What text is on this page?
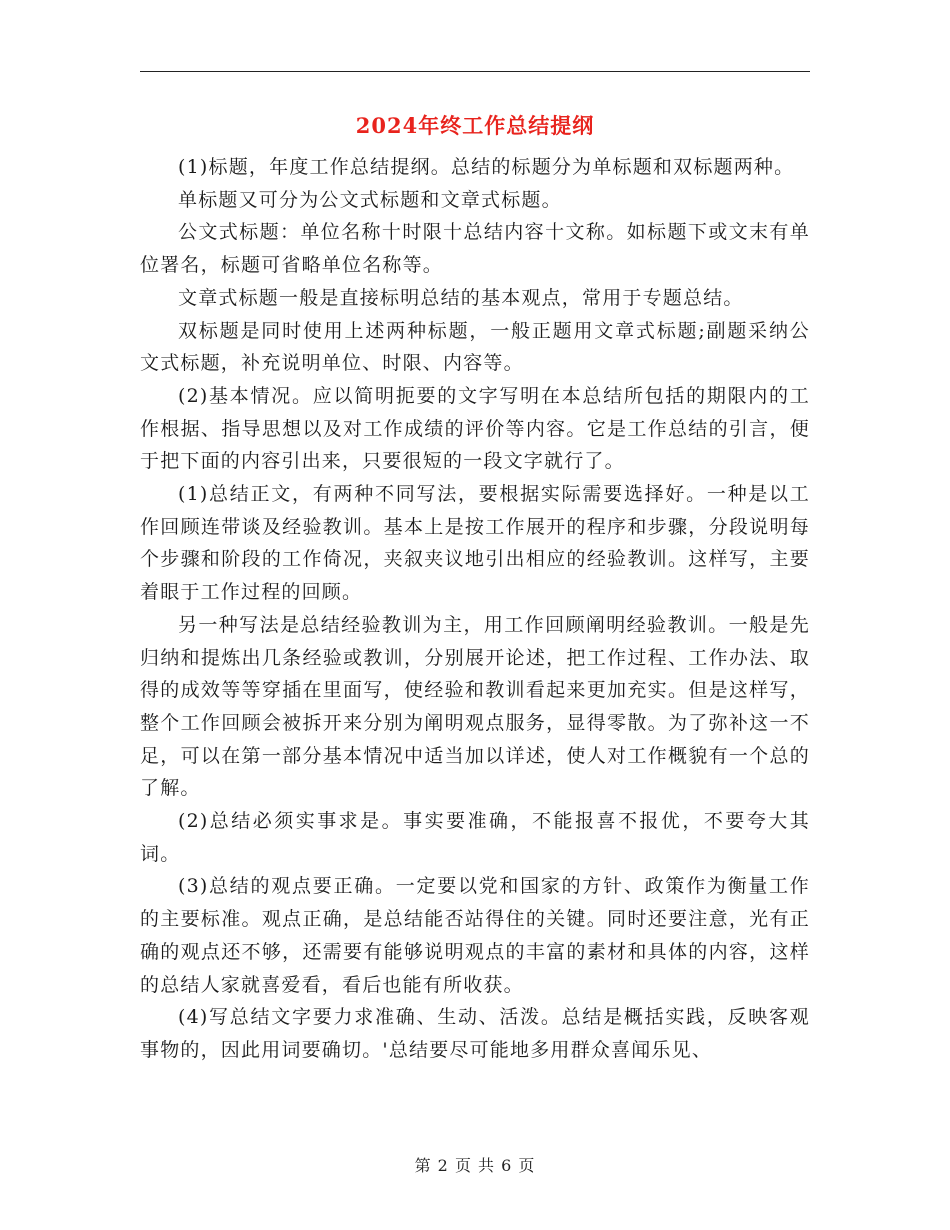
2024年终工作总结提纲

(1)标题，年度工作总结提纲。总结的标题分为单标题和双标题两种。

单标题又可分为公文式标题和文章式标题。

公文式标题：单位名称十时限十总结内容十文称。如标题下或文末有单位署名，标题可省略单位名称等。

文章式标题一般是直接标明总结的基本观点，常用于专题总结。

双标题是同时使用上述两种标题，一般正题用文章式标题;副题采纳公文式标题，补充说明单位、时限、内容等。

(2)基本情况。应以简明扼要的文字写明在本总结所包括的期限内的工作根据、指导思想以及对工作成绩的评价等内容。它是工作总结的引言，便于把下面的内容引出来，只要很短的一段文字就行了。

(1)总结正文，有两种不同写法，要根据实际需要选择好。一种是以工作回顾连带谈及经验教训。基本上是按工作展开的程序和步骤，分段说明每个步骤和阶段的工作倚况，夹叙夹议地引出相应的经验教训。这样写，主要着眼于工作过程的回顾。

另一种写法是总结经验教训为主，用工作回顾阐明经验教训。一般是先归纳和提炼出几条经验或教训，分别展开论述，把工作过程、工作办法、取得的成效等等穿插在里面写，使经验和教训看起来更加充实。但是这样写，整个工作回顾会被拆开来分别为阐明观点服务，显得零散。为了弥补这一不足，可以在第一部分基本情况中适当加以详述，使人对工作概貌有一个总的了解。

(2)总结必须实事求是。事实要准确，不能报喜不报优，不要夸大其词。

(3)总结的观点要正确。一定要以党和国家的方针、政策作为衡量工作的主要标准。观点正确，是总结能否站得住的关键。同时还要注意，光有正确的观点还不够，还需要有能够说明观点的丰富的素材和具体的内容，这样的总结人家就喜爱看，看后也能有所收获。

(4)写总结文字要力求准确、生动、活泼。总结是概括实践，反映客观事物的，因此用词要确切。'总结要尽可能地多用群众喜闻乐见、

第 2 页 共 6 页
